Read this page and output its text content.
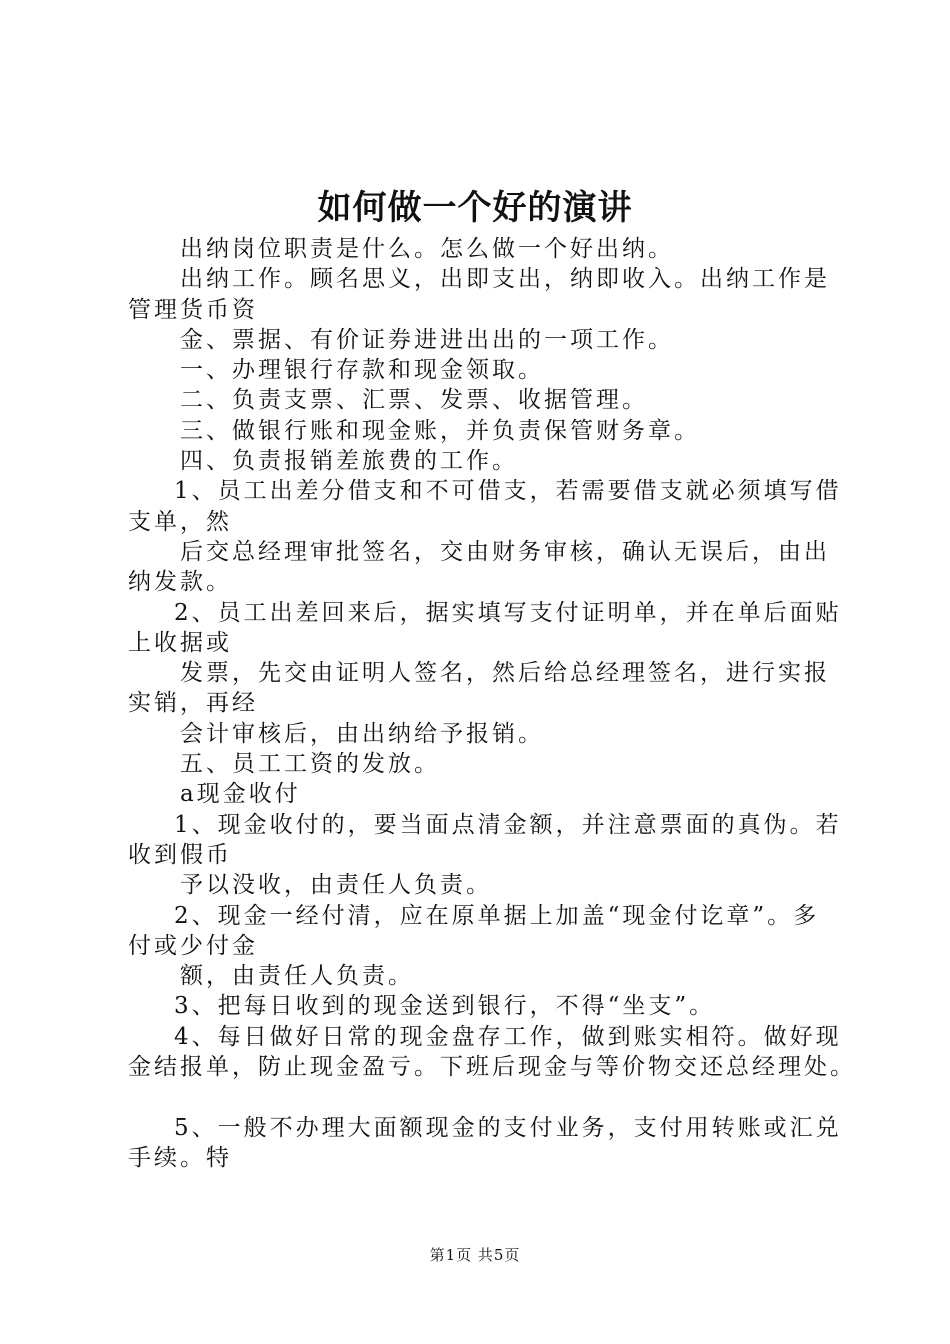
如何做一个好的演讲

出纳岗位职责是什么。怎么做一个好出纳。

出纳工作。顾名思义，出即支出，纳即收入。出纳工作是

管理货币资

金、票据、有价证券进进出出的一项工作。

一、办理银行存款和现金领取。

二、负责支票、汇票、发票、收据管理。

三、做银行账和现金账，并负责保管财务章。

四、负责报销差旅费的工作。

1、员工出差分借支和不可借支，若需要借支就必须填写借

支单，然

后交总经理审批签名，交由财务审核，确认无误后，由出

纳发款。

2、员工出差回来后，据实填写支付证明单，并在单后面贴

上收据或

发票，先交由证明人签名，然后给总经理签名，进行实报

实销，再经

会计审核后，由出纳给予报销。

五、员工工资的发放。

a现金收付

1、现金收付的，要当面点清金额，并注意票面的真伪。若

收到假币

予以没收，由责任人负责。

2、现金一经付清，应在原单据上加盖“现金付讫章”。多

付或少付金

额，由责任人负责。

3、把每日收到的现金送到银行，不得“坐支”。

4、每日做好日常的现金盘存工作，做到账实相符。做好现

金结报单，防止现金盈亏。下班后现金与等价物交还总经理处。

5、一般不办理大面额现金的支付业务，支付用转账或汇兑

手续。特

第1页 共5页
